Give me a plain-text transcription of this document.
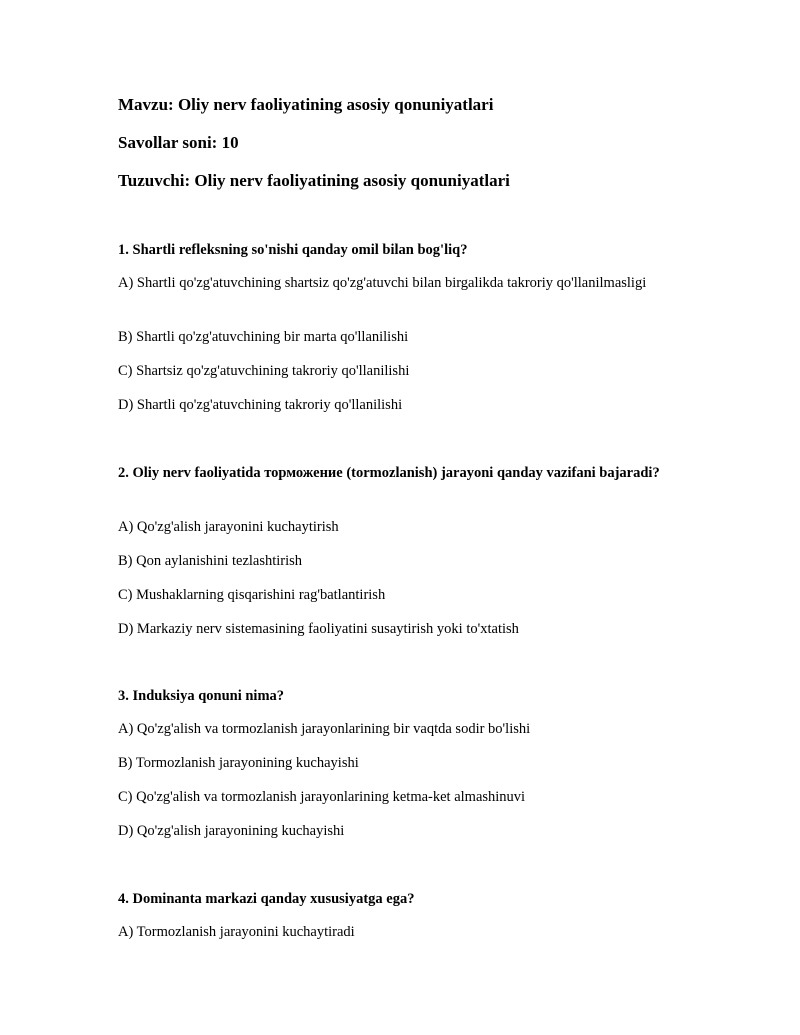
Mavzu: Oliy nerv faoliyatining asosiy qonuniyatlari

Savollar soni: 10

Tuzuvchi: Oliy nerv faoliyatining asosiy qonuniyatlari

1. Shartli refleksning so'nishi qanday omil bilan bog'liq?

A) Shartli qo'zg'atuvchining shartsiz qo'zg'atuvchi bilan birgalikda takroriy qo'llanilmasligi

B) Shartli qo'zg'atuvchining bir marta qo'llanilishi

C) Shartsiz qo'zg'atuvchining takroriy qo'llanilishi

D) Shartli qo'zg'atuvchining takroriy qo'llanilishi

2. Oliy nerv faoliyatida торможение (tormozlanish) jarayoni qanday vazifani bajaradi?

A) Qo'zg'alish jarayonini kuchaytirish

B) Qon aylanishini tezlashtirish

C) Mushaklarning qisqarishini rag'batlantirish

D) Markaziy nerv sistemasining faoliyatini susaytirish yoki to'xtatish

3. Induksiya qonuni nima?

A) Qo'zg'alish va tormozlanish jarayonlarining bir vaqtda sodir bo'lishi

B) Tormozlanish jarayonining kuchayishi

C) Qo'zg'alish va tormozlanish jarayonlarining ketma-ket almashinuvi

D) Qo'zg'alish jarayonining kuchayishi

4. Dominanta markazi qanday xususiyatga ega?

A) Tormozlanish jarayonini kuchaytiradi
